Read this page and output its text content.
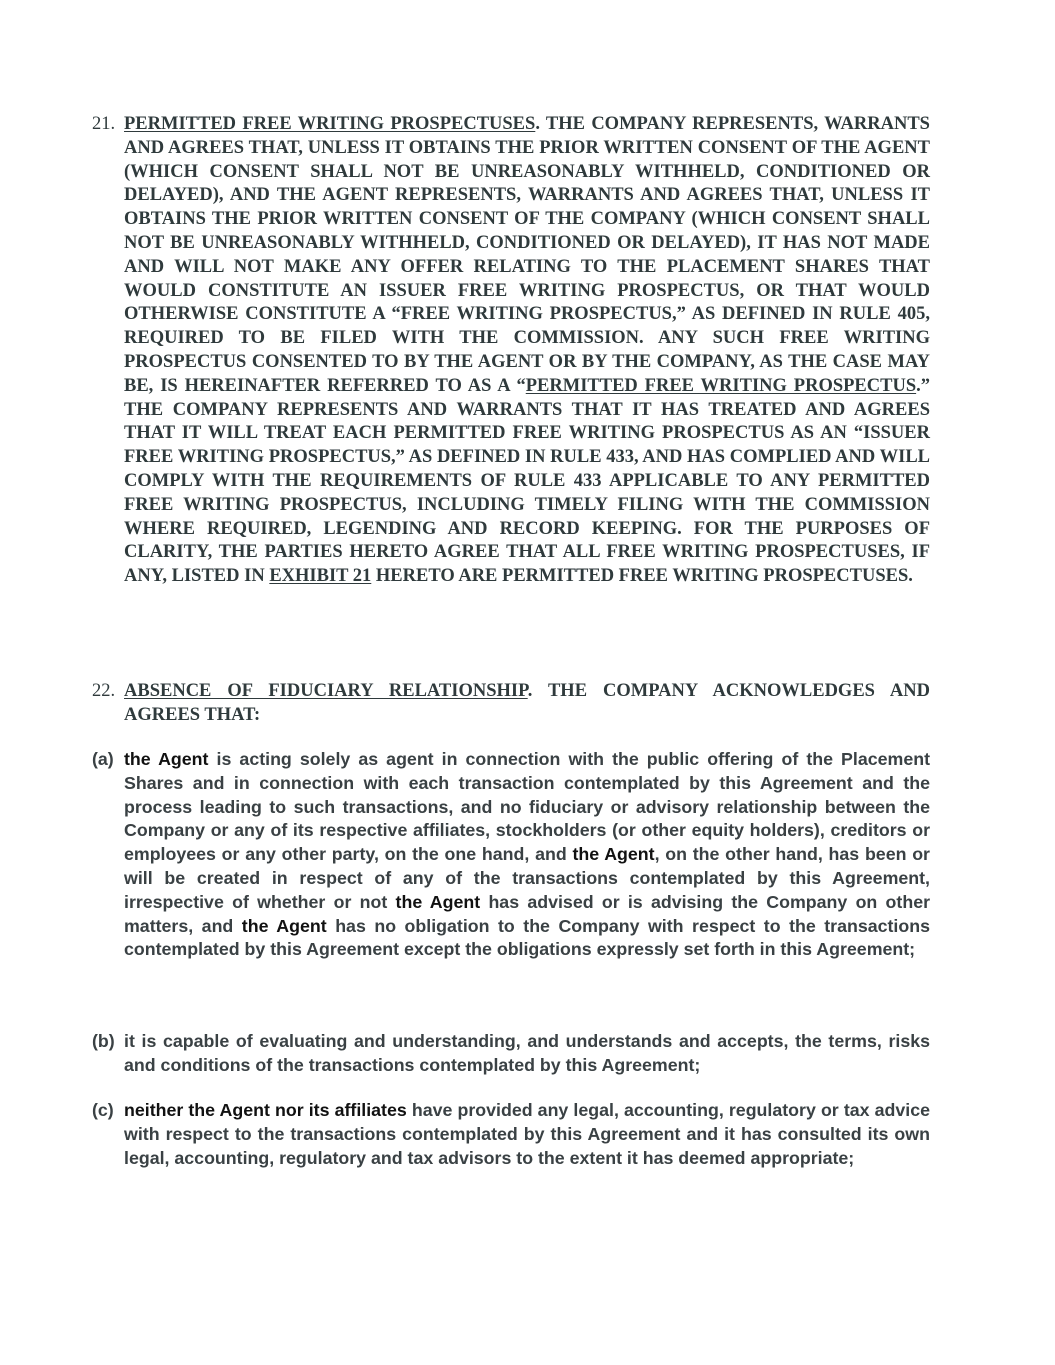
21. PERMITTED FREE WRITING PROSPECTUSES. THE COMPANY REPRESENTS, WARRANTS AND AGREES THAT, UNLESS IT OBTAINS THE PRIOR WRITTEN CONSENT OF THE AGENT (WHICH CONSENT SHALL NOT BE UNREASONABLY WITHHELD, CONDITIONED OR DELAYED), AND THE AGENT REPRESENTS, WARRANTS AND AGREES THAT, UNLESS IT OBTAINS THE PRIOR WRITTEN CONSENT OF THE COMPANY (WHICH CONSENT SHALL NOT BE UNREASONABLY WITHHELD, CONDITIONED OR DELAYED), IT HAS NOT MADE AND WILL NOT MAKE ANY OFFER RELATING TO THE PLACEMENT SHARES THAT WOULD CONSTITUTE AN ISSUER FREE WRITING PROSPECTUS, OR THAT WOULD OTHERWISE CONSTITUTE A “FREE WRITING PROSPECTUS,” AS DEFINED IN RULE 405, REQUIRED TO BE FILED WITH THE COMMISSION. ANY SUCH FREE WRITING PROSPECTUS CONSENTED TO BY THE AGENT OR BY THE COMPANY, AS THE CASE MAY BE, IS HEREINAFTER REFERRED TO AS A “PERMITTED FREE WRITING PROSPECTUS.” THE COMPANY REPRESENTS AND WARRANTS THAT IT HAS TREATED AND AGREES THAT IT WILL TREAT EACH PERMITTED FREE WRITING PROSPECTUS AS AN “ISSUER FREE WRITING PROSPECTUS,” AS DEFINED IN RULE 433, AND HAS COMPLIED AND WILL COMPLY WITH THE REQUIREMENTS OF RULE 433 APPLICABLE TO ANY PERMITTED FREE WRITING PROSPECTUS, INCLUDING TIMELY FILING WITH THE COMMISSION WHERE REQUIRED, LEGENDING AND RECORD KEEPING. FOR THE PURPOSES OF CLARITY, THE PARTIES HERETO AGREE THAT ALL FREE WRITING PROSPECTUSES, IF ANY, LISTED IN EXHIBIT 21 HERETO ARE PERMITTED FREE WRITING PROSPECTUSES.
22. ABSENCE OF FIDUCIARY RELATIONSHIP. THE COMPANY ACKNOWLEDGES AND AGREES THAT:
(a) the Agent is acting solely as agent in connection with the public offering of the Placement Shares and in connection with each transaction contemplated by this Agreement and the process leading to such transactions, and no fiduciary or advisory relationship between the Company or any of its respective affiliates, stockholders (or other equity holders), creditors or employees or any other party, on the one hand, and the Agent, on the other hand, has been or will be created in respect of any of the transactions contemplated by this Agreement, irrespective of whether or not the Agent has advised or is advising the Company on other matters, and the Agent has no obligation to the Company with respect to the transactions contemplated by this Agreement except the obligations expressly set forth in this Agreement;
(b) it is capable of evaluating and understanding, and understands and accepts, the terms, risks and conditions of the transactions contemplated by this Agreement;
(c) neither the Agent nor its affiliates have provided any legal, accounting, regulatory or tax advice with respect to the transactions contemplated by this Agreement and it has consulted its own legal, accounting, regulatory and tax advisors to the extent it has deemed appropriate;
